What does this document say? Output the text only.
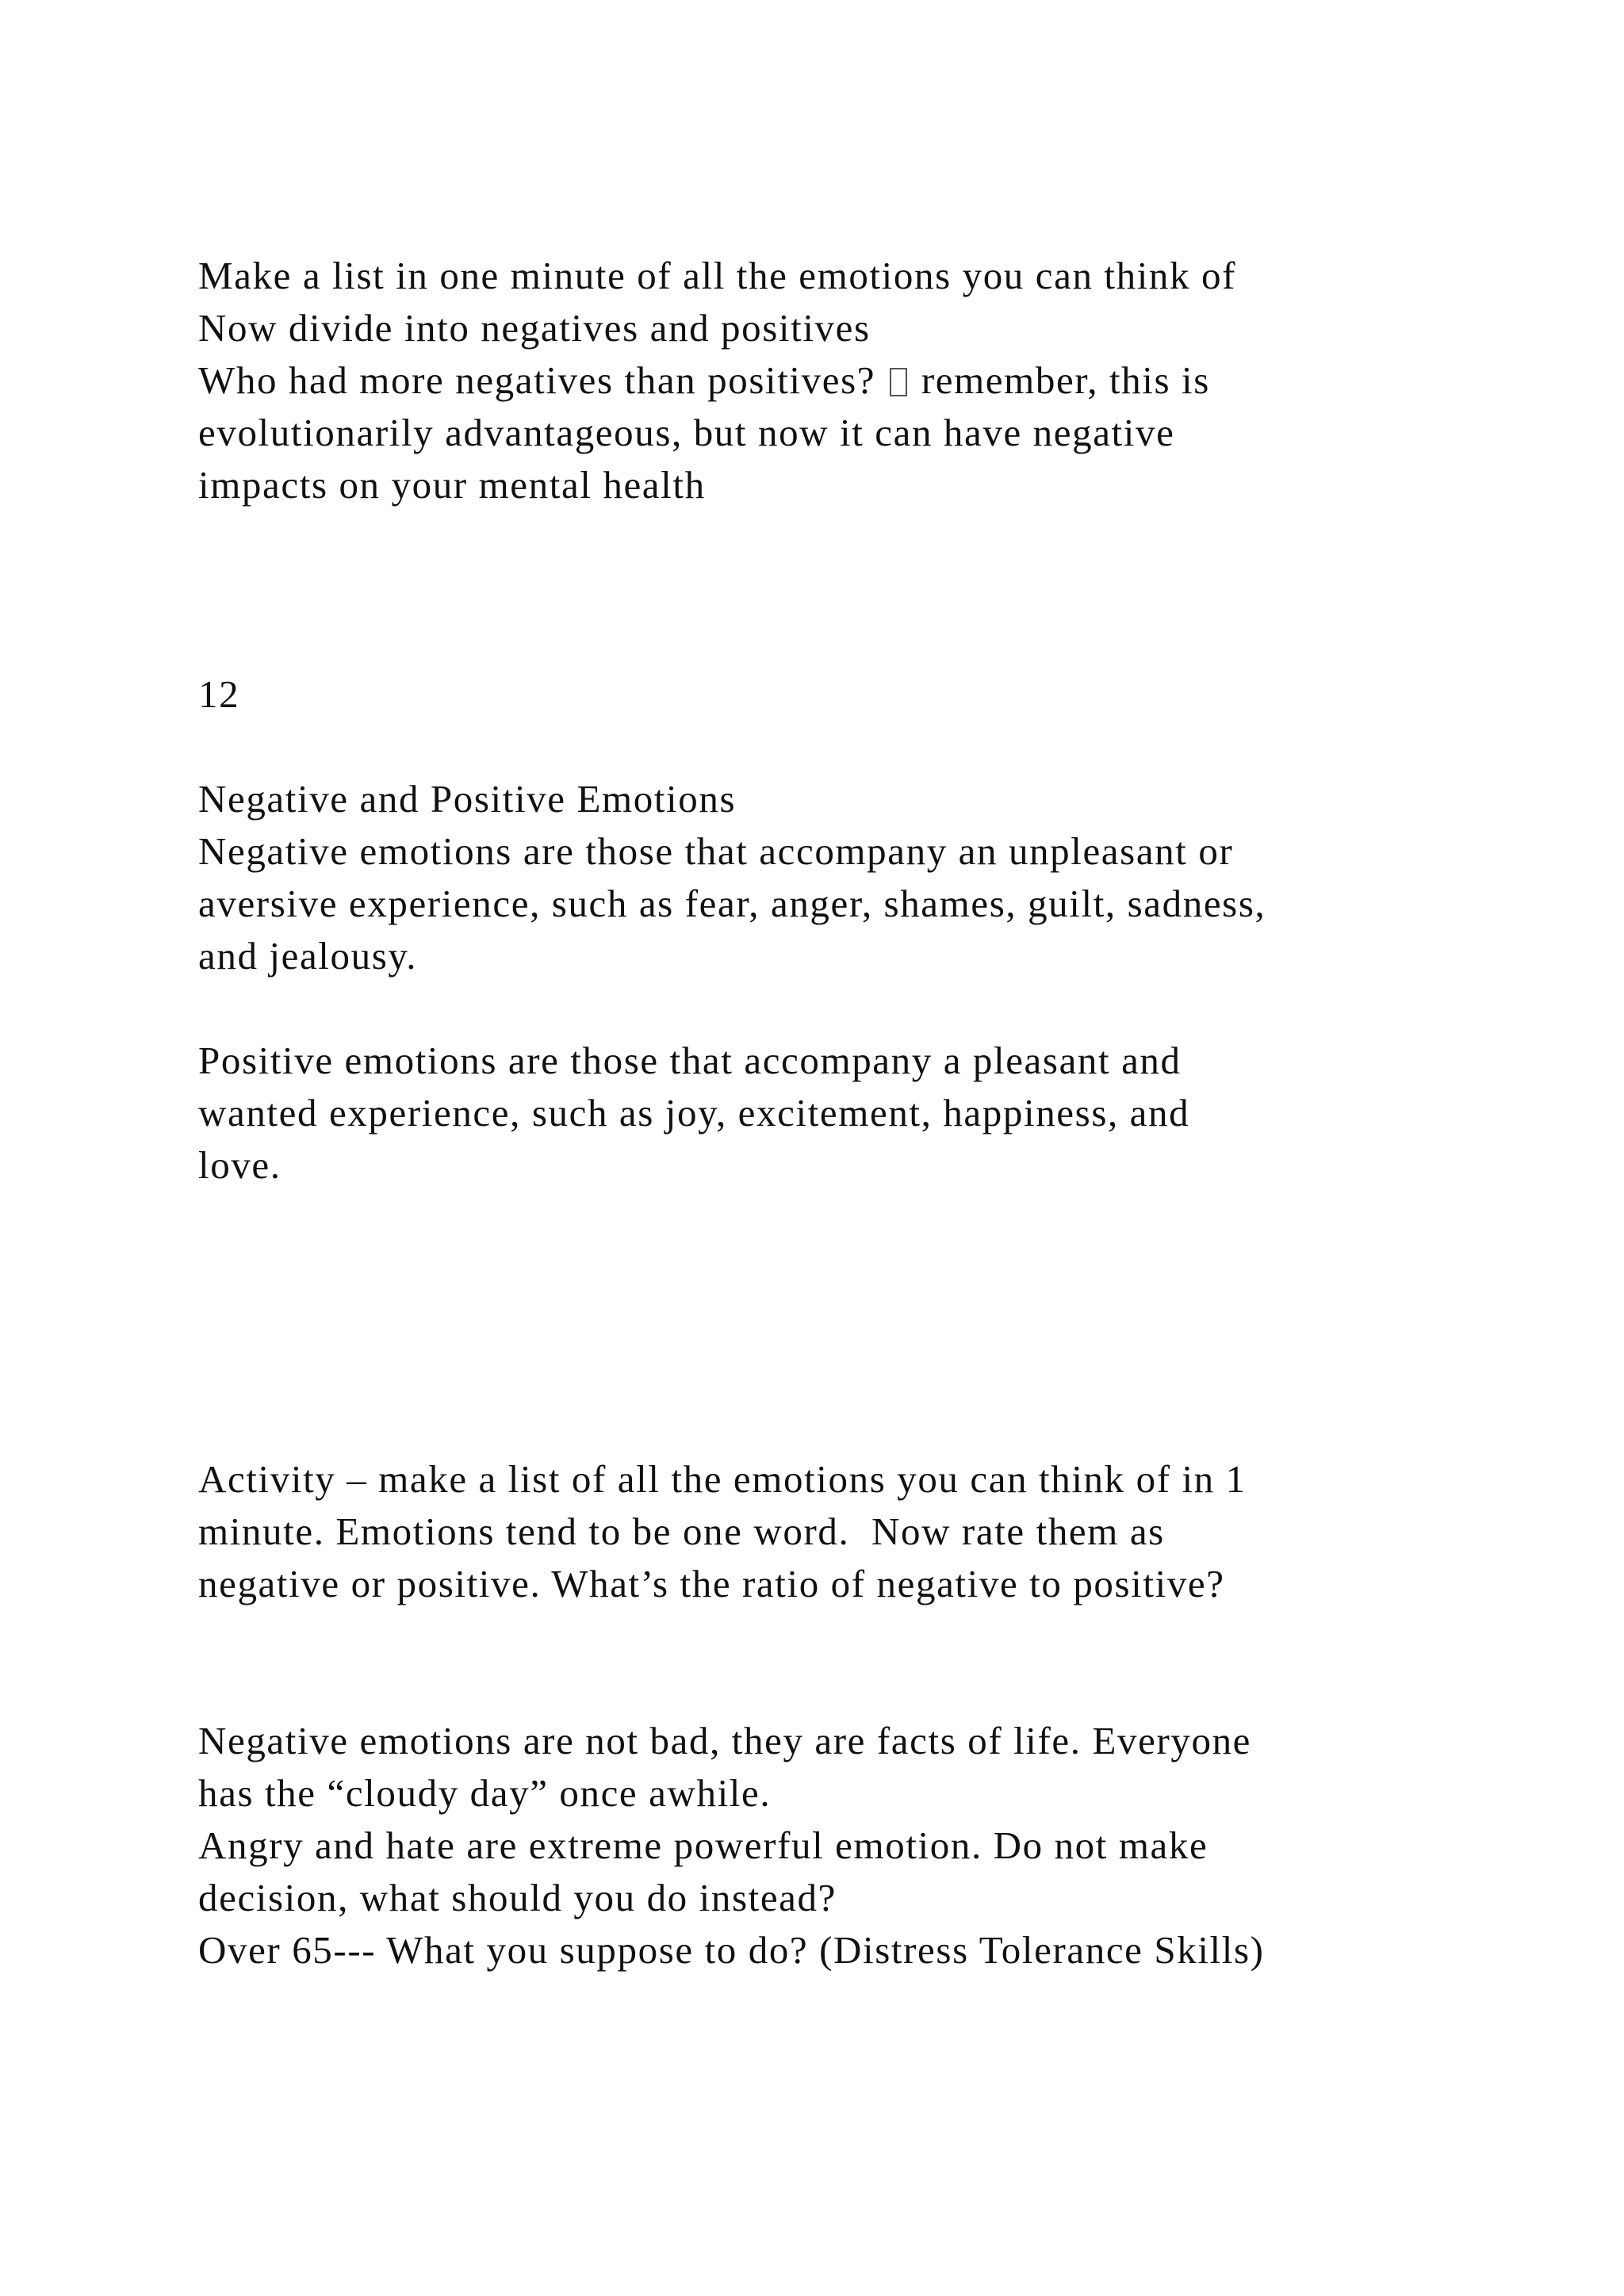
Make a list in one minute of all the emotions you can think of

Now divide into negatives and positives

Who had more negatives than positives?  remember, this is

evolutionarily advantageous, but now it can have negative

impacts on your mental health

12

Negative and Positive Emotions

Negative emotions are those that accompany an unpleasant or

aversive experience, such as fear, anger, shames, guilt, sadness,

and jealousy.

Positive emotions are those that accompany a pleasant and

wanted experience, such as joy, excitement, happiness, and

love.

Activity – make a list of all the emotions you can think of in 1

minute. Emotions tend to be one word.  Now rate them as

negative or positive. What’s the ratio of negative to positive?

Negative emotions are not bad, they are facts of life. Everyone

has the “cloudy day” once awhile.

Angry and hate are extreme powerful emotion. Do not make

decision, what should you do instead?

Over 65--- What you suppose to do? (Distress Tolerance Skills)
